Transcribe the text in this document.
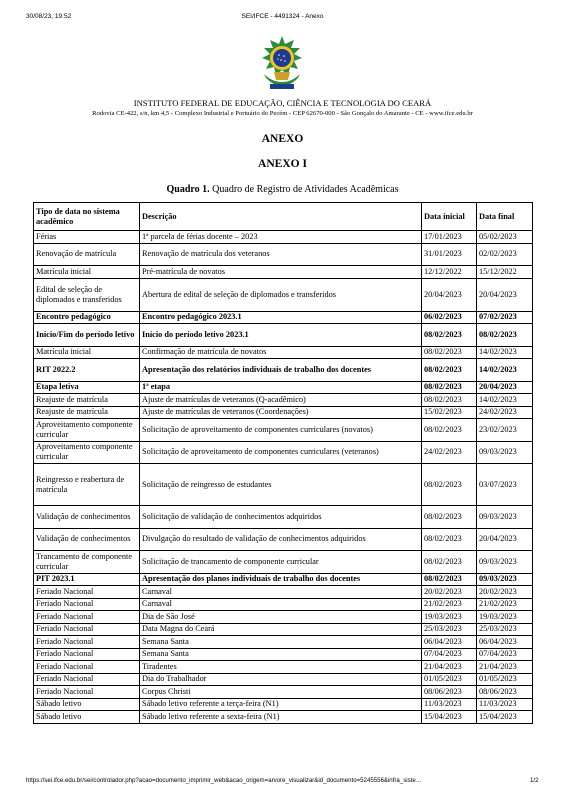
30/08/23, 19:52	SEI/IFCE - 4491324 - Anexo
INSTITUTO FEDERAL DE EDUCAÇÃO, CIÊNCIA E TECNOLOGIA DO CEARÁ
Rodovia CE-422, s/n, km 4,5 - Complexo Industrial e Portuário do Pecém - CEP 62670-000 - São Gonçalo do Amarante - CE - www.ifce.edu.br
ANEXO
ANEXO I
Quadro 1. Quadro de Registro de Atividades Acadêmicas
Tipo de data no sistema acadêmico	Descrição	Data inicial	Data final
Férias	1ª parcela de férias docente – 2023	17/01/2023	05/02/2023
Renovação de matrícula	Renovação de matrícula dos veteranos	31/01/2023	02/02/2023
Matrícula inicial	Pré-matrícula de novatos	12/12/2022	15/12/2022
Edital de seleção de diplomados e transferidos	Abertura de edital de seleção de diplomados e transferidos	20/04/2023	20/04/2023
Encontro pedagógico	Encontro pedagógico 2023.1	06/02/2023	07/02/2023
Início/Fim do período letivo	Início do período letivo 2023.1	08/02/2023	08/02/2023
Matrícula inicial	Confirmação de matrícula de novatos	08/02/2023	14/02/2023
RIT 2022.2	Apresentação dos relatórios individuais de trabalho dos docentes	08/02/2023	14/02/2023
Etapa letiva	1ª etapa	08/02/2023	20/04/2023
Reajuste de matrícula	Ajuste de matrículas de veteranos (Q-acadêmico)	08/02/2023	14/02/2023
Reajuste de matrícula	Ajuste de matrículas de veteranos (Coordenações)	15/02/2023	24/02/2023
Aproveitamento componente curricular	Solicitação de aproveitamento de componentes curriculares (novatos)	08/02/2023	23/02/2023
Aproveitamento componente curricular	Solicitação de aproveitamento de componentes curriculares (veteranos)	24/02/2023	09/03/2023
Reingresso e reabertura de matrícula	Solicitação de reingresso de estudantes	08/02/2023	03/07/2023
Validação de conhecimentos	Solicitação de validação de conhecimentos adquiridos	08/02/2023	09/03/2023
Validação de conhecimentos	Divulgação do resultado de validação de conhecimentos adquiridos	08/02/2023	20/04/2023
Trancamento de componente curricular	Solicitação de trancamento de componente curricular	08/02/2023	09/03/2023
PIT 2023.1	Apresentação dos planos individuais de trabalho dos docentes	08/02/2023	09/03/2023
Feriado Nacional	Carnaval	20/02/2023	20/02/2023
Feriado Nacional	Carnaval	21/02/2023	21/02/2023
Feriado Nacional	Dia de São José	19/03/2023	19/03/2023
Feriado Nacional	Data Magna do Ceará	25/03/2023	25/03/2023
Feriado Nacional	Semana Santa	06/04/2023	06/04/2023
Feriado Nacional	Semana Santa	07/04/2023	07/04/2023
Feriado Nacional	Tiradentes	21/04/2023	21/04/2023
Feriado Nacional	Dia do Trabalhador	01/05/2023	01/05/2023
Feriado Nacional	Corpus Christi	08/06/2023	08/06/2023
Sábado letivo	Sábado letivo referente a terça-feira (N1)	11/03/2023	11/03/2023
Sábado letivo	Sábado letivo referente a sexta-feira (N1)	15/04/2023	15/04/2023
https://sei.ifce.edu.br/sei/controlador.php?acao=documento_imprimir_web&acao_origem=arvore_visualizar&id_documento=5245556&infra_siste…	1/2
